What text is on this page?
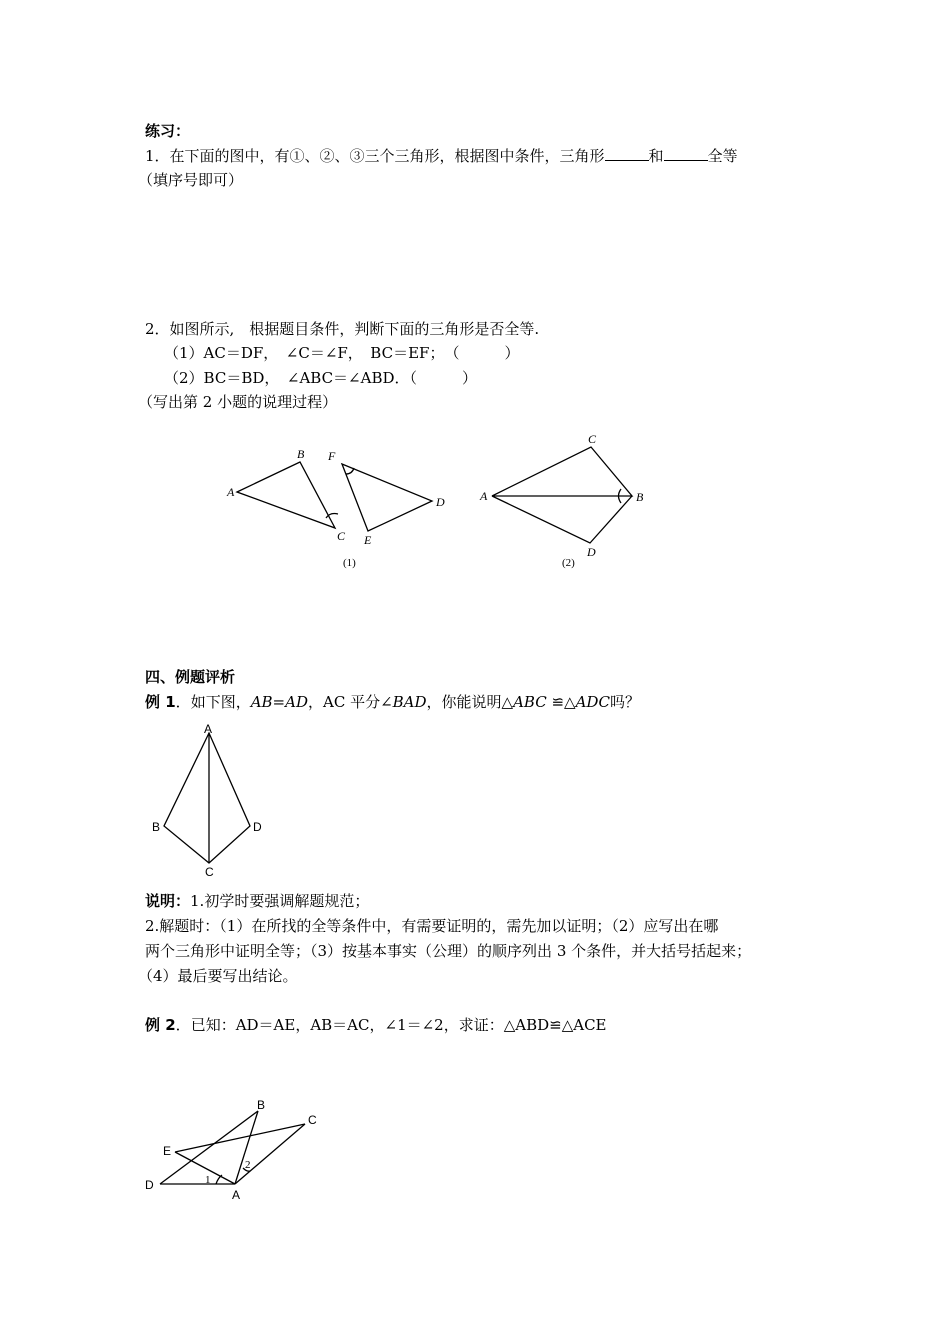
练习：
1．在下面的图中，有①、②、③三个三角形，根据图中条件，三角形	和	全等
（填序号即可）
2．如图所示,　根据题目条件，判断下面的三角形是否全等.
（1）AC＝DF，　∠C＝∠F，　BC＝EF；　（　　　）
（2）BC＝BD，　∠ABC＝∠ABD．（　　　）
（写出第 2 小题的说理过程）
A
B
C
D
E
F
(1)
A
C
B
D
(2)
A
B
C
D
B
C
E
D
A
1
2
四、例题评析
例 1．如下图，AB=AD，AC 平分∠BAD，你能说明△ABC ≌△ADC吗？
说明：1.初学时要强调解题规范；
2.解题时：（1）在所找的全等条件中，有需要证明的，需先加以证明；（2）应写出在哪
两个三角形中证明全等；（3）按基本事实（公理）的顺序列出 3 个条件，并大括号括起来；
（4）最后要写出结论。
例 2．已知：AD＝AE，AB＝AC，∠1＝∠2，求证：△ABD≌△ACE
